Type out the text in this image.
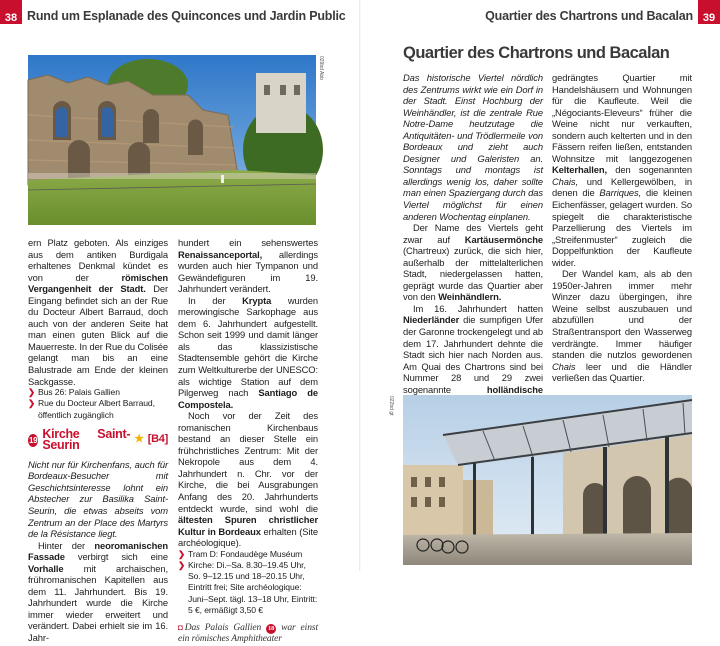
38 Rund um Esplanade des Quinconces und Jardin Public
029bd Abb

ern Platz geboten. Als einziges aus dem antiken Burdigala erhaltenes Denkmal kündet es von der	römischen Vergangenheit der Stadt. Der Eingang befindet sich an der Rue du Docteur Albert Barraud, doch auch von der anderen Seite hat man einen guten Blick auf die Mauerreste. In der Rue du Colisée gelangt man bis an eine Balustrade am Ende der kleinen Sackgasse.

❯ Bus 26: Palais Gallien

❯ Rue du Docteur Albert Barraud, öffentlich zugänglich

19 Kirche Saint-Seurin	★ [B4]

Nicht nur für Kirchenfans, auch für Bordeaux-Besucher mit Geschichtsinteresse lohnt ein Abstecher zur Basilika Saint-Seurin, die etwas abseits vom Zentrum an der Place des Martyrs de la Résistance liegt.

Hinter der neoromanischen Fassade verbirgt sich eine Vorhalle mit archaischen, frühromanischen Kapitellen aus dem 11. Jahrhundert. Bis 19. Jahrhundert wurde die Kirche immer wieder erweitert und verändert. Dabei erhielt sie im 16. Jahr-

hundert ein sehenswertes Renaissanceportal, allerdings wurden auch hier Tympanon und Gewändefiguren im 19. Jahrhundert verändert.

In der Krypta wurden merowingische Sarkophage aus dem 6. Jahrhundert aufgestellt. Schon seit 1999 und damit länger als das klassizistische Stadtensemble gehört die Kirche zum Weltkulturerbe der UNESCO: als wichtige Station auf dem Pilgerweg nach Santiago de Compostela.

Noch vor der Zeit des romanischen Kirchenbaus bestand an dieser Stelle ein frühchristliches Zentrum: Mit der Nekropole aus dem 4. Jahrhundert n. Chr. vor der Kirche, die bei Ausgrabungen Anfang des 20. Jahrhunderts entdeckt wurde, sind wohl die ältesten Spuren christlicher Kultur in Bordeaux erhalten (Site archéologique).

❯ Tram D: Fondaudège Muséum

❯ Kirche: Di.–Sa. 8.30–19.45 Uhr, So. 9–12.15 und 18–20.15 Uhr, Eintritt frei; Site archéologique: Juni–Sept. tägl. 13–18 Uhr, Eintritt: 5 €, ermäßigt 3,50 €

◘ Das Palais Gallien 18 war einst ein römisches Amphitheater

39
Quartier des Chartrons und Bacalan
Quartier des Chartrons und Bacalan

Das historische Viertel nördlich des Zentrums wirkt wie ein Dorf in der Stadt. Einst Hochburg der Weinhändler, ist die zentrale Rue Notre-Dame heutzutage die Antiquitäten- und Trödlermeile von Bordeaux und zieht auch Designer und Galeristen an. Sonntags und montags ist allerdings wenig los, daher sollte man einen Spaziergang durch das Viertel möglichst für einen anderen Wochentag einplanen.

Der Name des Viertels geht zwar auf Kartäusermönche (Chartreux) zurück, die sich hier, außerhalb der mittelalterlichen Stadt, niedergelassen hatten, geprägt wurde das Quartier aber von den Weinhändlern.

Im 16. Jahrhundert hatten Niederländer die sumpfigen Ufer der Garonne trockengelegt und ab dem 17. Jahrhundert dehnte die Stadt sich hier nach Norden aus. Am Quai des Chartrons sind bei Nummer 28 und 29 zwei sogenannte	holländische

gedrängtes Quartier mit Handelshäusern und Wohnungen für die Kaufleute. Weil die „Négociants-Eleveurs“ früher die Weine nicht nur verkauften, sondern auch kelterten und in den Fässern reifen ließen, entstanden Wohnsitze mit langgezogenen Kelterhallen, den sogenannten Chais, und Kellergewölben, in denen die Barriques, die kleinen Eichenfässer, gelagert wurden. So spiegelt die charakteristische Parzellierung des Viertels im „Streifenmuster“ zugleich die Doppelfunktion der Kaufleute wider.

Der Wandel kam, als ab den 1950er-Jahren immer mehr Winzer dazu übergingen, ihre Weine selbst auszubauen und abzufüllen und der Straßentransport den Wasserweg verdrängte. Immer häufiger standen die nutzlos gewordenen Chais leer und die Händler verließen das Quartier.

022bd gt
